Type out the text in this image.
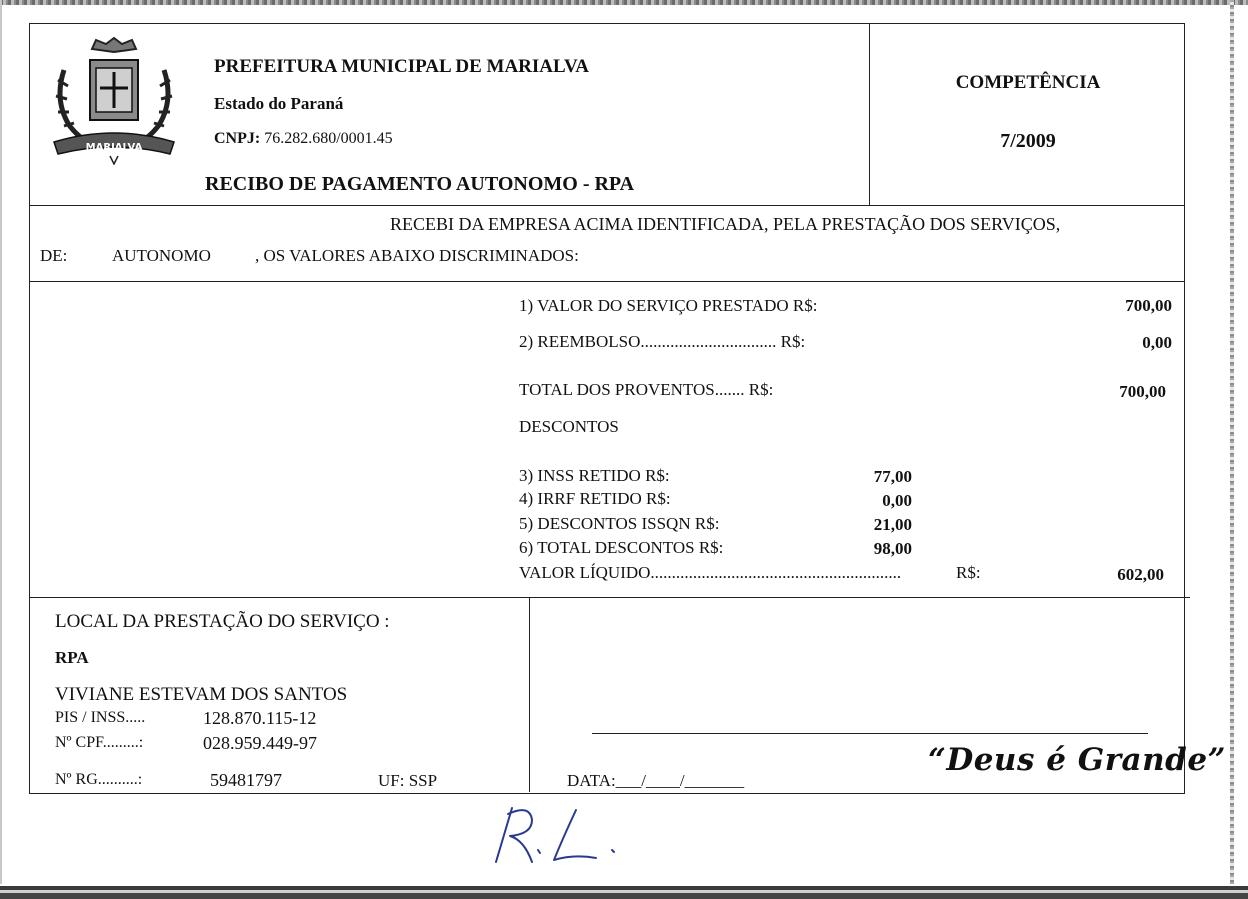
MARIALVA
PREFEITURA MUNICIPAL DE MARIALVA
Estado do Paraná
CNPJ: 76.282.680/0001.45
RECIBO DE PAGAMENTO AUTONOMO - RPA
COMPETÊNCIA
7/2009
RECEBI DA EMPRESA ACIMA IDENTIFICADA, PELA PRESTAÇÃO DOS SERVIÇOS,
DE:	AUTONOMO	, OS VALORES ABAIXO DISCRIMINADOS:
1) VALOR DO SERVIÇO PRESTADO R$:	700,00
2) REEMBOLSO................................ R$:	0,00
TOTAL DOS PROVENTOS....... R$:	700,00
DESCONTOS
3) INSS RETIDO R$:	77,00
4) IRRF RETIDO R$:	0,00
5) DESCONTOS ISSQN R$:	21,00
6) TOTAL DESCONTOS R$:	98,00
VALOR LÍQUIDO...........................................................	R$:	602,00
LOCAL DA PRESTAÇÃO DO SERVIÇO :
RPA
VIVIANE ESTEVAM DOS SANTOS
PIS / INSS.....	128.870.115-12
Nº CPF.........:	028.959.449-97
Nº RG..........:	59481797	UF: SSP	DATA:___/____/_______
“Deus é Grande”
